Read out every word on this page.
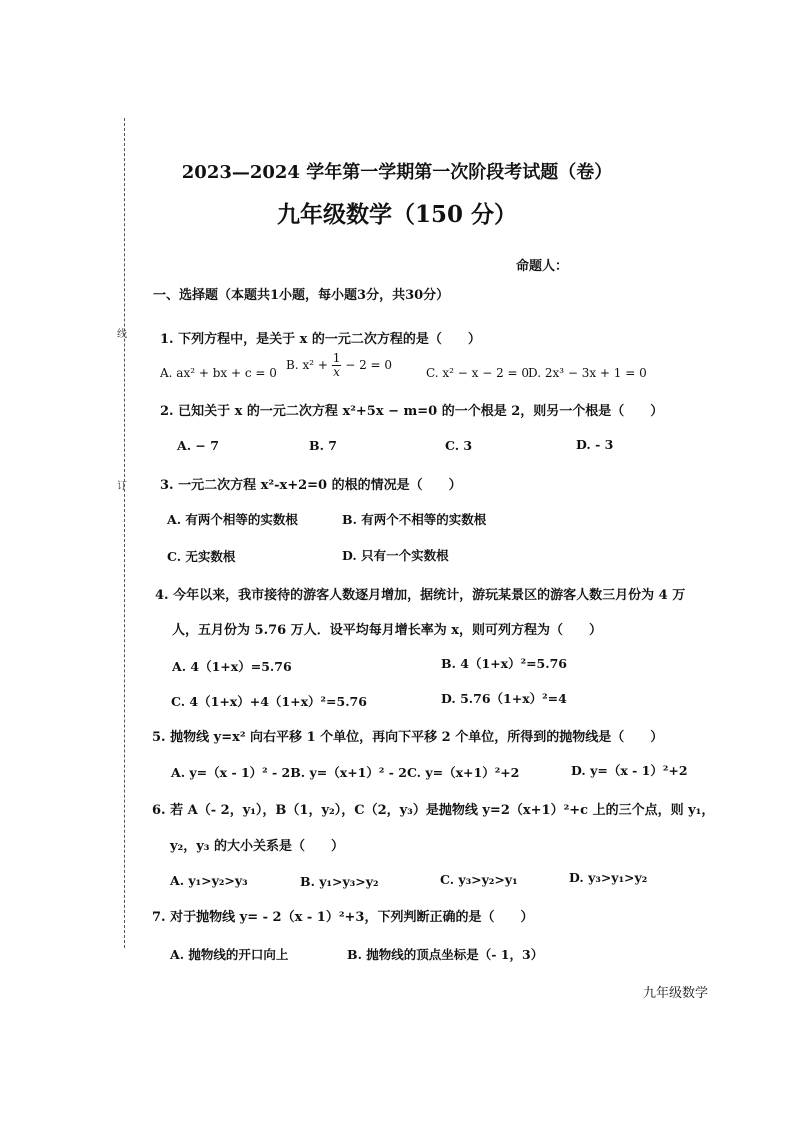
线
订
2023—2024 学年第一学期第一次阶段考试题（卷）
九年级数学（150 分）
命题人：
一、选择题（本题共1小题，每小题3分，共30分）
1. 下列方程中，是关于 x 的一元二次方程的是（　　）
A. ax² + bx + c = 0
B. $x^2 + \frac{1}{x} - 2 = 0$
C. x² − x − 2 = 0
D. 2x³ − 3x + 1 = 0
2. 已知关于 x 的一元二次方程 x²+5x − m=0 的一个根是 2，则另一个根是（　　）
A. − 7	B. 7	C. 3	D. - 3
3. 一元二次方程 x²-x+2=0 的根的情况是（　　）
A. 有两个相等的实数根	B. 有两个不相等的实数根
C. 无实数根	D. 只有一个实数根
4. 今年以来，我市接待的游客人数逐月增加，据统计，游玩某景区的游客人数三月份为 4 万
人，五月份为 5.76 万人．设平均每月增长率为 x，则可列方程为（　　）
A. 4（1+x）=5.76	B. 4（1+x）²=5.76
C. 4（1+x）+4（1+x）²=5.76	D. 5.76（1+x）²=4
5. 抛物线 y=x² 向右平移 1 个单位，再向下平移 2 个单位，所得到的抛物线是（　　）
A. y=（x - 1）² - 2B. y=（x+1）² - 2C. y=（x+1）²+2	D. y=（x - 1）²+2
6. 若 A（- 2，y₁），B（1，y₂），C（2，y₃）是抛物线 y=2（x+1）²+c 上的三个点，则 y₁，
y₂，y₃ 的大小关系是（　　）
A. y₁>y₂>y₃	B. y₁>y₃>y₂	C. y₃>y₂>y₁	D. y₃>y₁>y₂
7. 对于抛物线 y= - 2（x - 1）²+3，下列判断正确的是（　　）
A. 抛物线的开口向上	B. 抛物线的顶点坐标是（- 1，3）
九年级数学
